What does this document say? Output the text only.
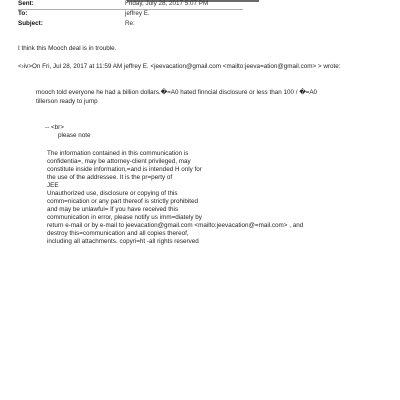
Sent:	Friday, July 28, 2017 5:07 PM
To:	jeffrey E.
Subject:	Re:
I think this Mooch deal is in trouble.
<›iv>On Fri, Jul 28, 2017 at 11:59 AM jeffrey E. <jeevacation@gmail.com <mailto:jeeva=ation@gmail.com> > wrote:
mooch told everyone he had a billion dollars.�=A0 hated finncial disclosure or less than 100 / �=A0
tillerson ready to jump
-- <br>
please note
The information contained in this communication is
confidentia=, may be attorney-client privileged, may
constitute inside information,=and is intended H only for
the use of the addressee. It is the pr=perty of
JEE
Unauthorized use, disclosure or copying of this
comm=nication or any part thereof is strictly prohibited
and may be unlawful= If you have received this
communication in error, please notify us imm=diately by
return e-mail or by e-mail to jeevacation@gmail.com <mailto:jeevacation@=mail.com> , and
destroy this=communication and all copies thereof,
including all attachments. copyri=ht -all rights reserved
